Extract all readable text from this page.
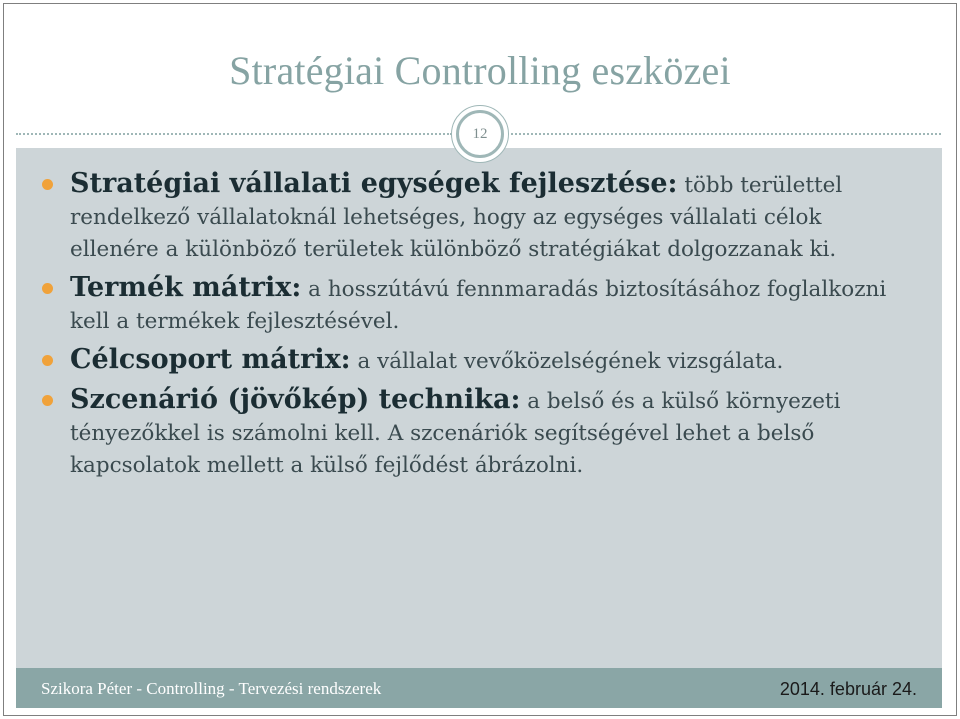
Stratégiai Controlling eszközei
12
Stratégiai vállalati egységek fejlesztése: több területtel rendelkező vállalatoknál lehetséges, hogy az egységes vállalati célok ellenére a különböző területek különböző stratégiákat dolgozzanak ki.
Termék mátrix: a hosszútávú fennmaradás biztosításához foglalkozni kell a termékek fejlesztésével.
Célcsoport mátrix: a vállalat vevőközelségének vizsgálata.
Szcenárió (jövőkép) technika: a belső és a külső környezeti tényezőkkel is számolni kell. A szcenáriók segítségével lehet a belső kapcsolatok mellett a külső fejlődést ábrázolni.
Szikora Péter - Controlling - Tervezési rendszerek	2014. február 24.
